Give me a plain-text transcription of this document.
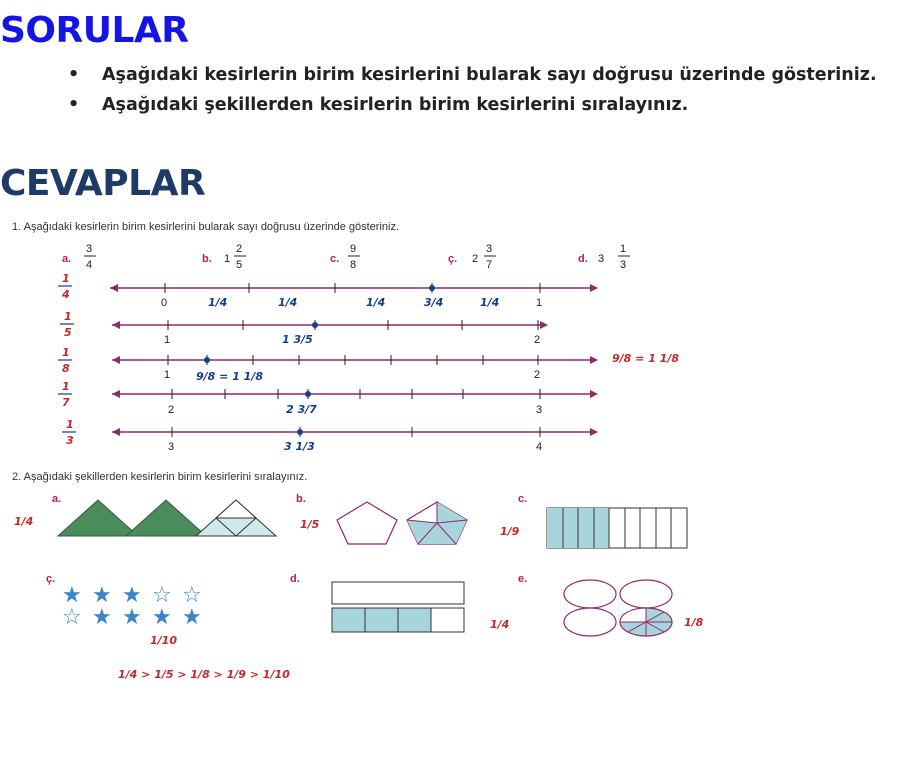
SORULAR
• Aşağıdaki kesirlerin birim kesirlerini bularak sayı doğrusu üzerinde gösteriniz.
• Aşağıdaki şekillerden kesirlerin birim kesirlerini sıralayınız.
CEVAPLAR
1. Aşağıdaki kesirlerin birim kesirlerini bularak sayı doğrusu üzerinde gösteriniz.
a.
3
4	b. 1
2
5	c.
9
8	ç. 2
3
7	d. 3
1
3
1
4
0	1
1/4	1/4	1/4	3/4	1/4
1
5
1	2
1 3/5
1
8	1	2
9/8 = 1 1/8
9/8 = 1 1/8
1
7
2	3
2 3/7
1
3	3	4
3 1/3
2. Aşağıdaki şekillerden kesirlerin birim kesirlerini sıralayınız.
a.
1/4
b.
1/5
c.
1/9
ç.
★ ★ ★ ☆ ☆
☆ ★ ★ ★ ★
1/10
d.
1/4
e.
1/8
1/4 > 1/5 > 1/8 > 1/9 > 1/10
